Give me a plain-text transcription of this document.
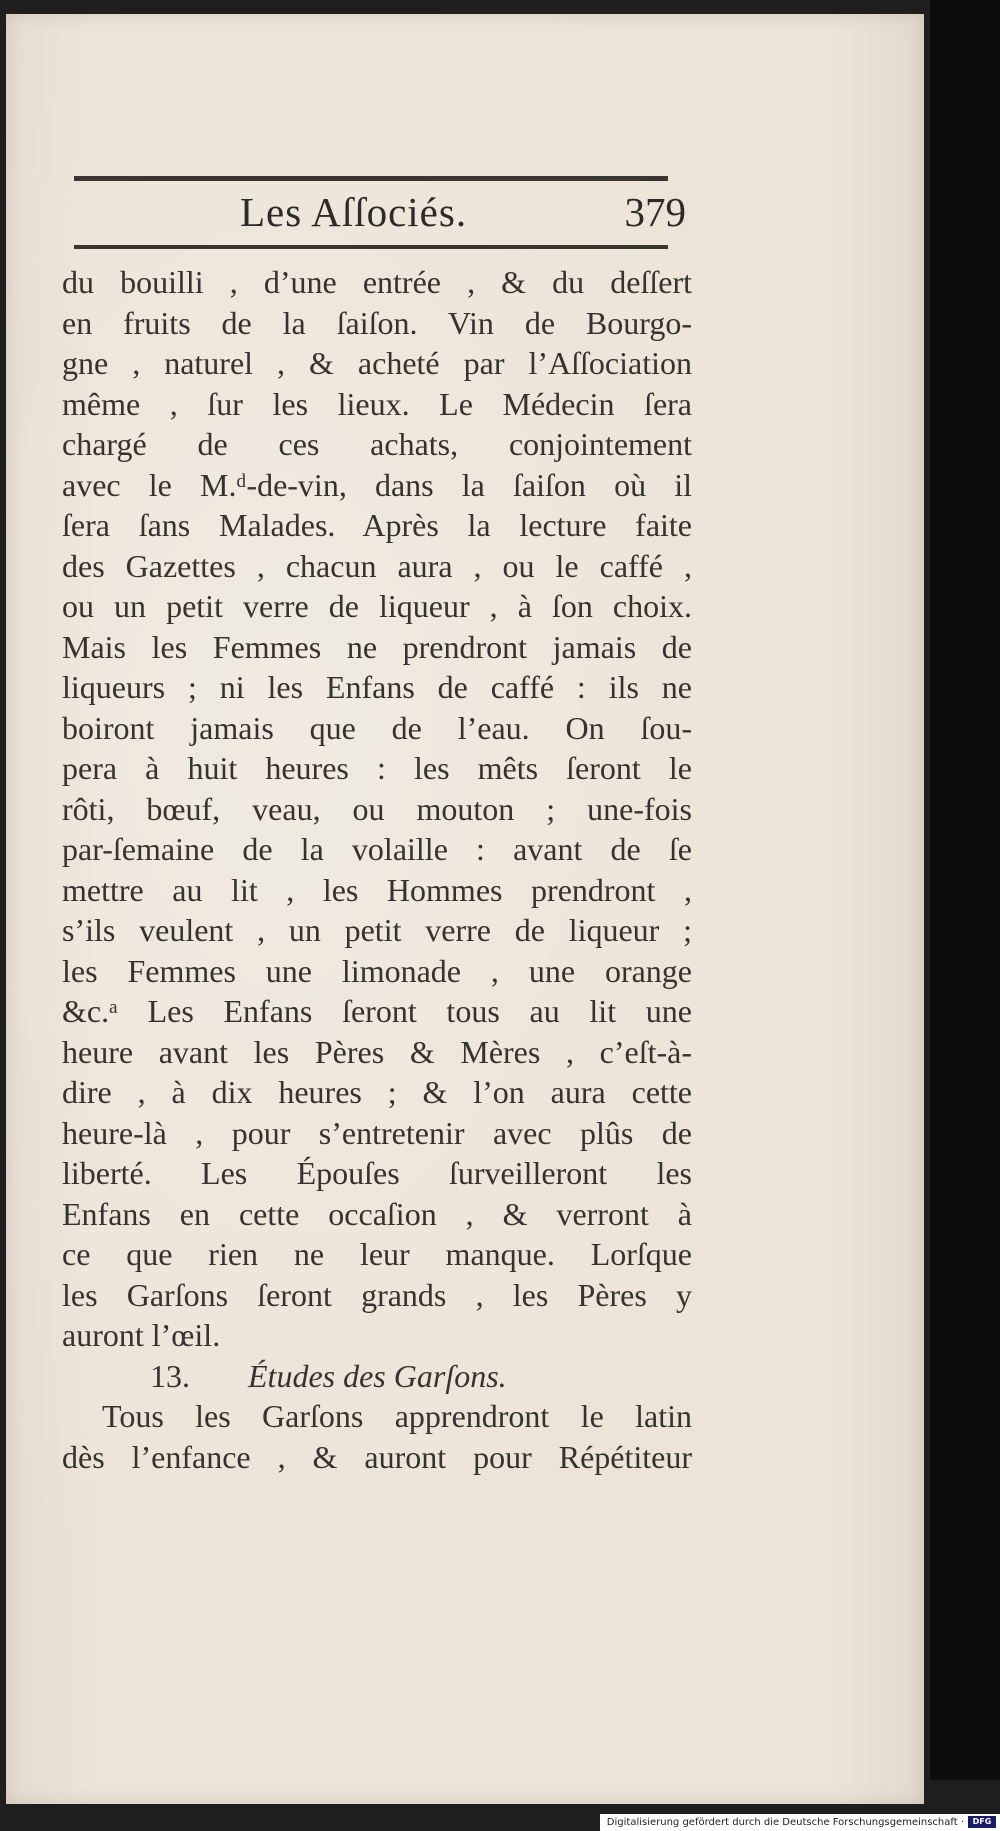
Les Aſſociés.	379
du bouilli , d’une entrée , & du deſſert
en fruits de la ſaiſon. Vin de Bourgo-
gne , naturel , & acheté par l’Aſſociation
même , ſur les lieux. Le Médecin ſera
chargé de ces achats, conjointement
avec le M.ᵈ-de-vin, dans la ſaiſon où il
ſera ſans Malades. Après la lecture faite
des Gazettes , chacun aura , ou le caffé ,
ou un petit verre de liqueur , à ſon choix.
Mais les Femmes ne prendront jamais de
liqueurs ; ni les Enfans de caffé : ils ne
boiront jamais que de l’eau. On ſou-
pera à huit heures : les mêts ſeront le
rôti, bœuf, veau, ou mouton ; une-fois
par-ſemaine de la volaille : avant de ſe
mettre au lit , les Hommes prendront ,
s’ils veulent , un petit verre de liqueur ;
les Femmes une limonade , une orange
&c.ᵃ Les Enfans ſeront tous au lit une
heure avant les Pères & Mères , c’eſt-à-
dire , à dix heures ; & l’on aura cette
heure-là , pour s’entretenir avec plûs de
liberté. Les Épouſes ſurveilleront les
Enfans en cette occaſion , & verront à
ce que rien ne leur manque. Lorſque
les Garſons ſeront grands , les Pères y
auront l’œil.
13. Études des Garſons.
Tous les Garſons apprendront le latin
dès l’enfance , & auront pour Répétiteur
Digitalisierung gefördert durch die Deutsche Forschungsgemeinschaft ·	DFG
